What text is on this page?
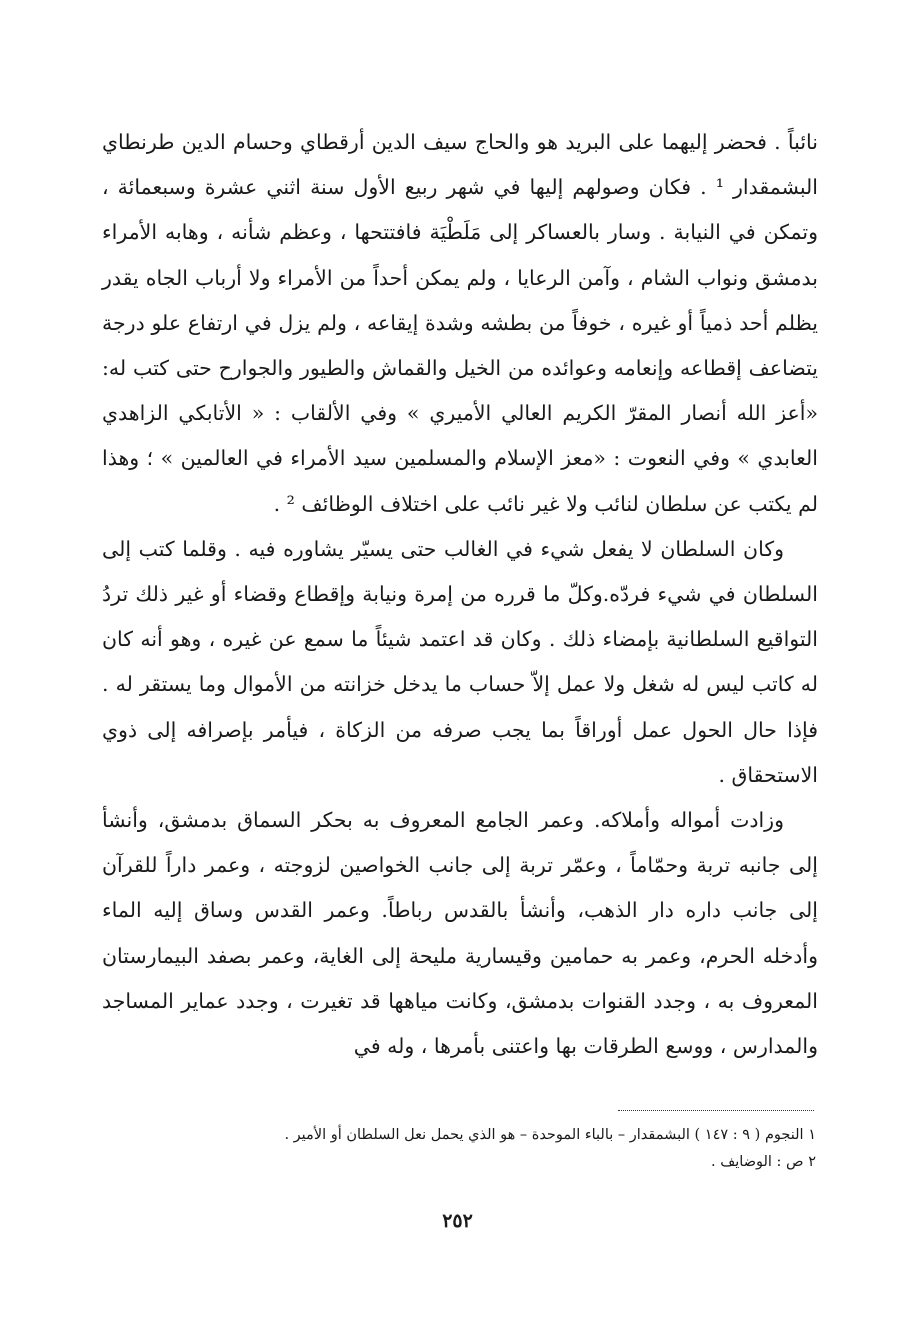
نائباً . فحضر إليهما على البريد هو والحاج سيف الدين أرقطاي وحسام الدين طرنطاي البشمقدار ¹ . فكان وصولهم إليها في شهر ربيع الأول سنة اثني عشرة وسبعمائة ، وتمكن في النيابة . وسار بالعساكر إلى مَلَطْيَة فافتتحها ، وعظم شأنه ، وهابه الأمراء بدمشق ونواب الشام ، وآمن الرعايا ، ولم يمكن أحداً من الأمراء ولا أرباب الجاه يقدر يظلم أحد ذمياً أو غيره ، خوفاً من بطشه وشدة إيقاعه ، ولم يزل في ارتفاع علو درجة يتضاعف إقطاعه وإنعامه وعوائده من الخيل والقماش والطيور والجوارح حتى كتب له: «أعز الله أنصار المقرّ الكريم العالي الأميري » وفي الألقاب : « الأتابكي الزاهدي العابدي » وفي النعوت : «معز الإسلام والمسلمين سيد الأمراء في العالمين » ؛ وهذا لم يكتب عن سلطان لنائب ولا غير نائب على اختلاف الوظائف ² .

وكان السلطان لا يفعل شيء في الغالب حتى يسيّر يشاوره فيه . وقلما كتب إلى السلطان في شيء فردّه.وكلّ ما قرره من إمرة ونيابة وإقطاع وقضاء أو غير ذلك تردُ التواقيع السلطانية بإمضاء ذلك . وكان قد اعتمد شيئاً ما سمع عن غيره ، وهو أنه كان له كاتب ليس له شغل ولا عمل إلاّ حساب ما يدخل خزانته من الأموال وما يستقر له . فإذا حال الحول عمل أوراقاً بما يجب صرفه من الزكاة ، فيأمر بإصرافه إلى ذوي الاستحقاق .

وزادت أمواله وأملاكه. وعمر الجامع المعروف به بحكر السماق بدمشق، وأنشأ إلى جانبه تربة وحمّاماً ، وعمّر تربة إلى جانب الخواصين لزوجته ، وعمر داراً للقرآن إلى جانب داره دار الذهب، وأنشأ بالقدس رباطاً. وعمر القدس وساق إليه الماء وأدخله الحرم، وعمر به حمامين وقيسارية مليحة إلى الغاية، وعمر بصفد البيمارستان المعروف به ، وجدد القنوات بدمشق، وكانت مياهها قد تغيرت ، وجدد عماير المساجد والمدارس ، ووسع الطرقات بها واعتنى بأمرها ، وله في

١ النجوم ( ٩ : ١٤٧ ) البشمقدار – بالباء الموحدة – هو الذي يحمل نعل السلطان أو الأمير .
٢ ص : الوضايف .
٢٥٢
